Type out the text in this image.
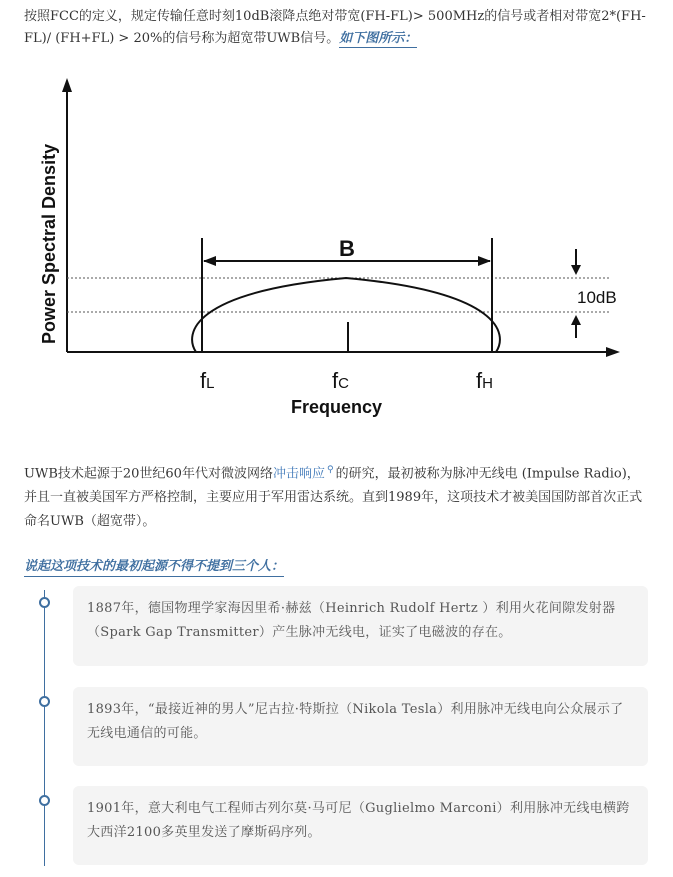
按照FCC的定义，规定传输任意时刻10dB滚降点绝对带宽(FH-FL)> 500MHz的信号或者相对带宽2*(FH-FL)/ (FH+FL) > 20%的信号称为超宽带UWB信号。如下图所示：
B
10dB
fL	fC	fH
Frequency
Power Spectral Density
UWB技术起源于20世纪60年代对微波网络冲击响应 ⚲ 的研究，最初被称为脉冲无线电 (Impulse Radio)，并且一直被美国军方严格控制，主要应用于军用雷达系统。直到1989年，这项技术才被美国国防部首次正式命名UWB（超宽带）。
说起这项技术的最初起源不得不提到三个人：
1887年，德国物理学家海因里希·赫兹（Heinrich Rudolf Hertz ）利用火花间隙发射器（Spark Gap Transmitter）产生脉冲无线电，证实了电磁波的存在。
1893年，“最接近神的男人”尼古拉·特斯拉（Nikola Tesla）利用脉冲无线电向公众展示了无线电通信的可能。
1901年，意大利电气工程师古列尔莫·马可尼（Guglielmo Marconi）利用脉冲无线电横跨大西洋2100多英里发送了摩斯码序列。
